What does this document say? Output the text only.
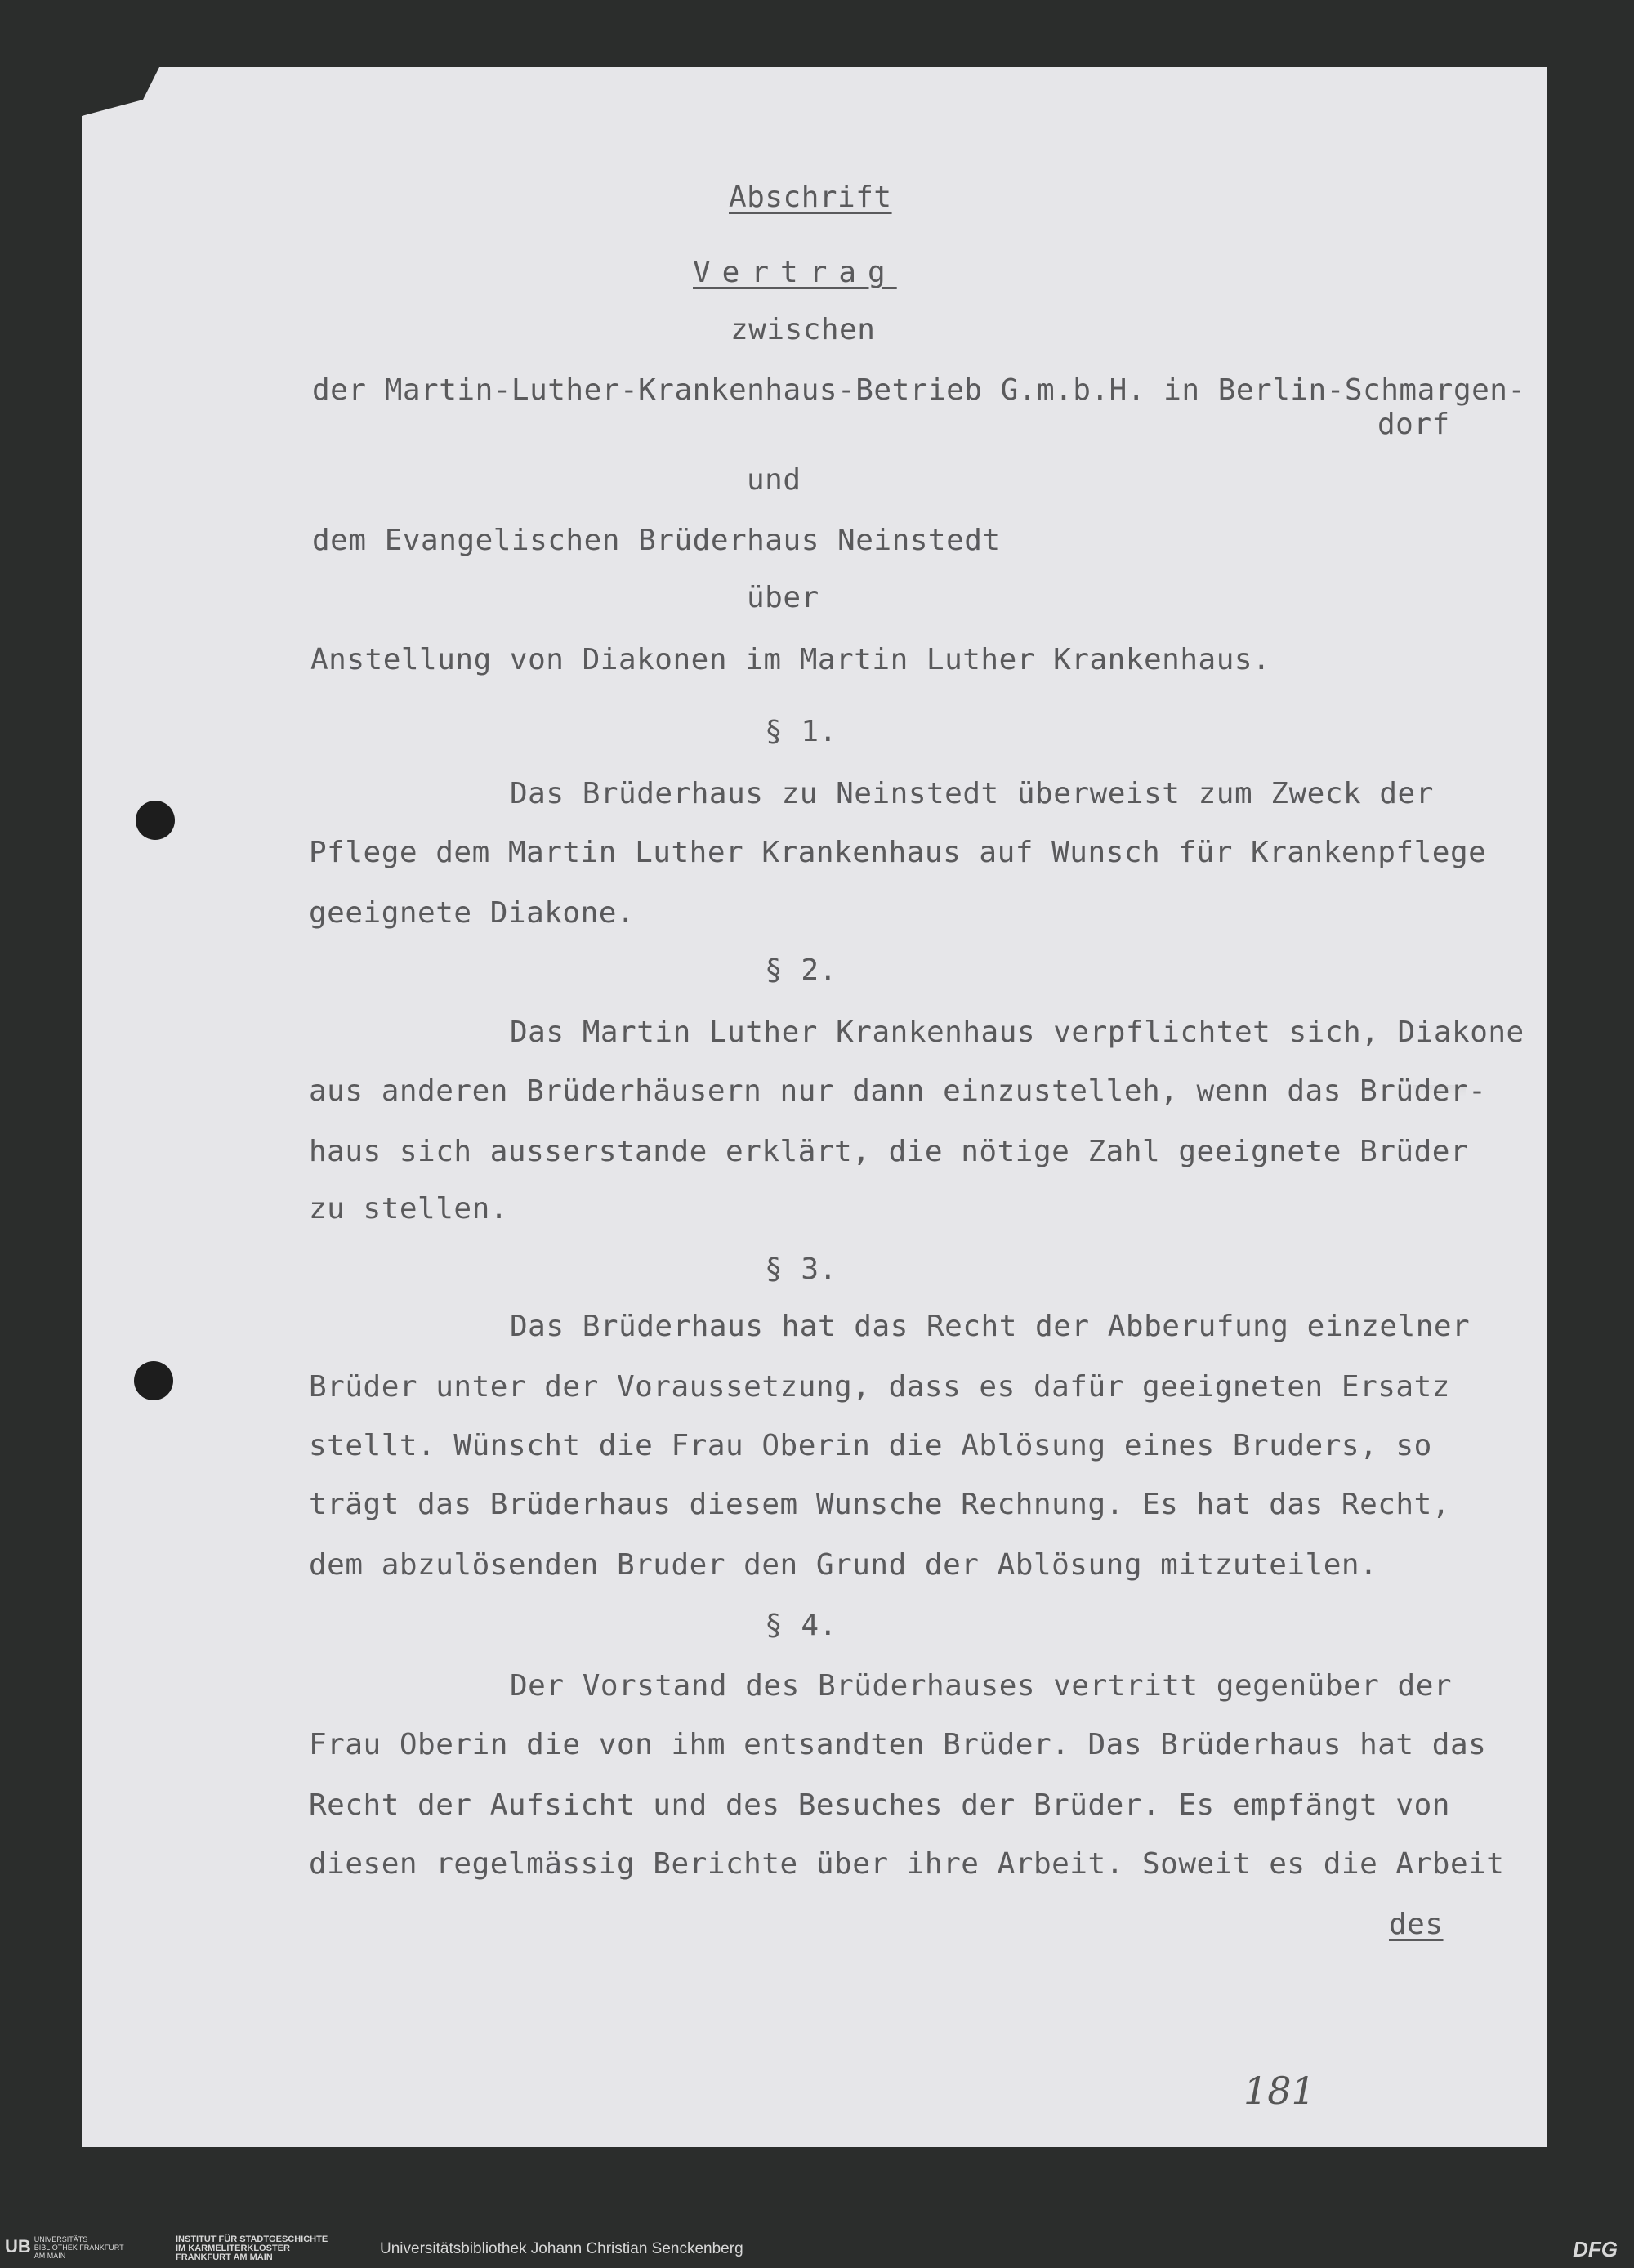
Abschrift
Vertrag
zwischen
der Martin-Luther-Krankenhaus-Betrieb G.m.b.H. in Berlin-Schmargen-
dorf
und
dem Evangelischen Brüderhaus Neinstedt
über
Anstellung von Diakonen im Martin Luther Krankenhaus.
§ 1.
Das Brüderhaus zu Neinstedt überweist zum Zweck der
Pflege dem Martin Luther Krankenhaus auf Wunsch für Krankenpflege
geeignete Diakone.
§ 2.
Das Martin Luther Krankenhaus verpflichtet sich, Diakone
aus anderen Brüderhäusern nur dann einzustelleh, wenn das Brüder-
haus sich ausserstande erklärt, die nötige Zahl geeignete Brüder
zu stellen.
§ 3.
Das Brüderhaus hat das Recht der Abberufung einzelner
Brüder unter der Voraussetzung, dass es dafür geeigneten Ersatz
stellt. Wünscht die Frau Oberin die Ablösung eines Bruders, so
trägt das Brüderhaus diesem Wunsche Rechnung. Es hat das Recht,
dem abzulösenden Bruder den Grund der Ablösung mitzuteilen.
§ 4.
Der Vorstand des Brüderhauses vertritt gegenüber der
Frau Oberin die von ihm entsandten Brüder. Das Brüderhaus hat das
Recht der Aufsicht und des Besuches der Brüder. Es empfängt von
diesen regelmässig Berichte über ihre Arbeit. Soweit es die Arbeit
des
181
UB UNIVERSITÄTS BIBLIOTHEK FRANKFURT AM MAIN
INSTITUT FÜR STADTGESCHICHTE IM KARMELITERKLOSTER FRANKFURT AM MAIN	Universitätsbibliothek Johann Christian Senckenberg	DFG
